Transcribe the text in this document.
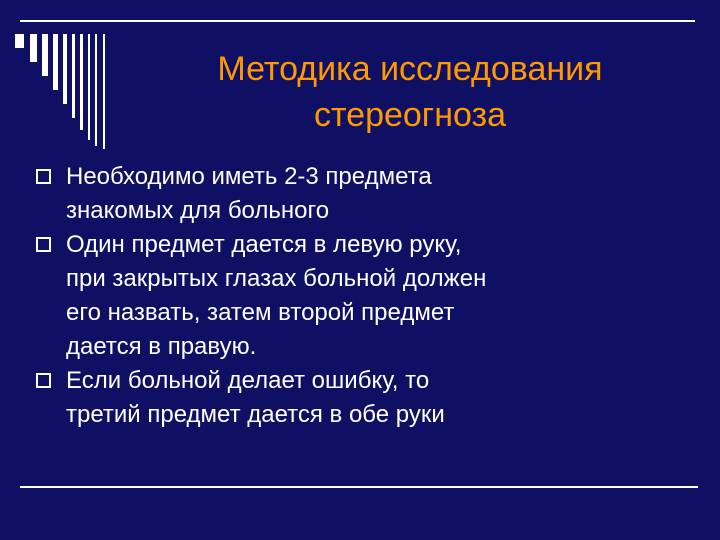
Методика исследования
стереогноза
Необходимо иметь 2-3 предмета
знакомых для больного
Один предмет дается в левую руку,
при закрытых глазах больной должен
его назвать, затем второй предмет
дается в правую.
Если больной делает ошибку, то
третий предмет дается в обе руки
